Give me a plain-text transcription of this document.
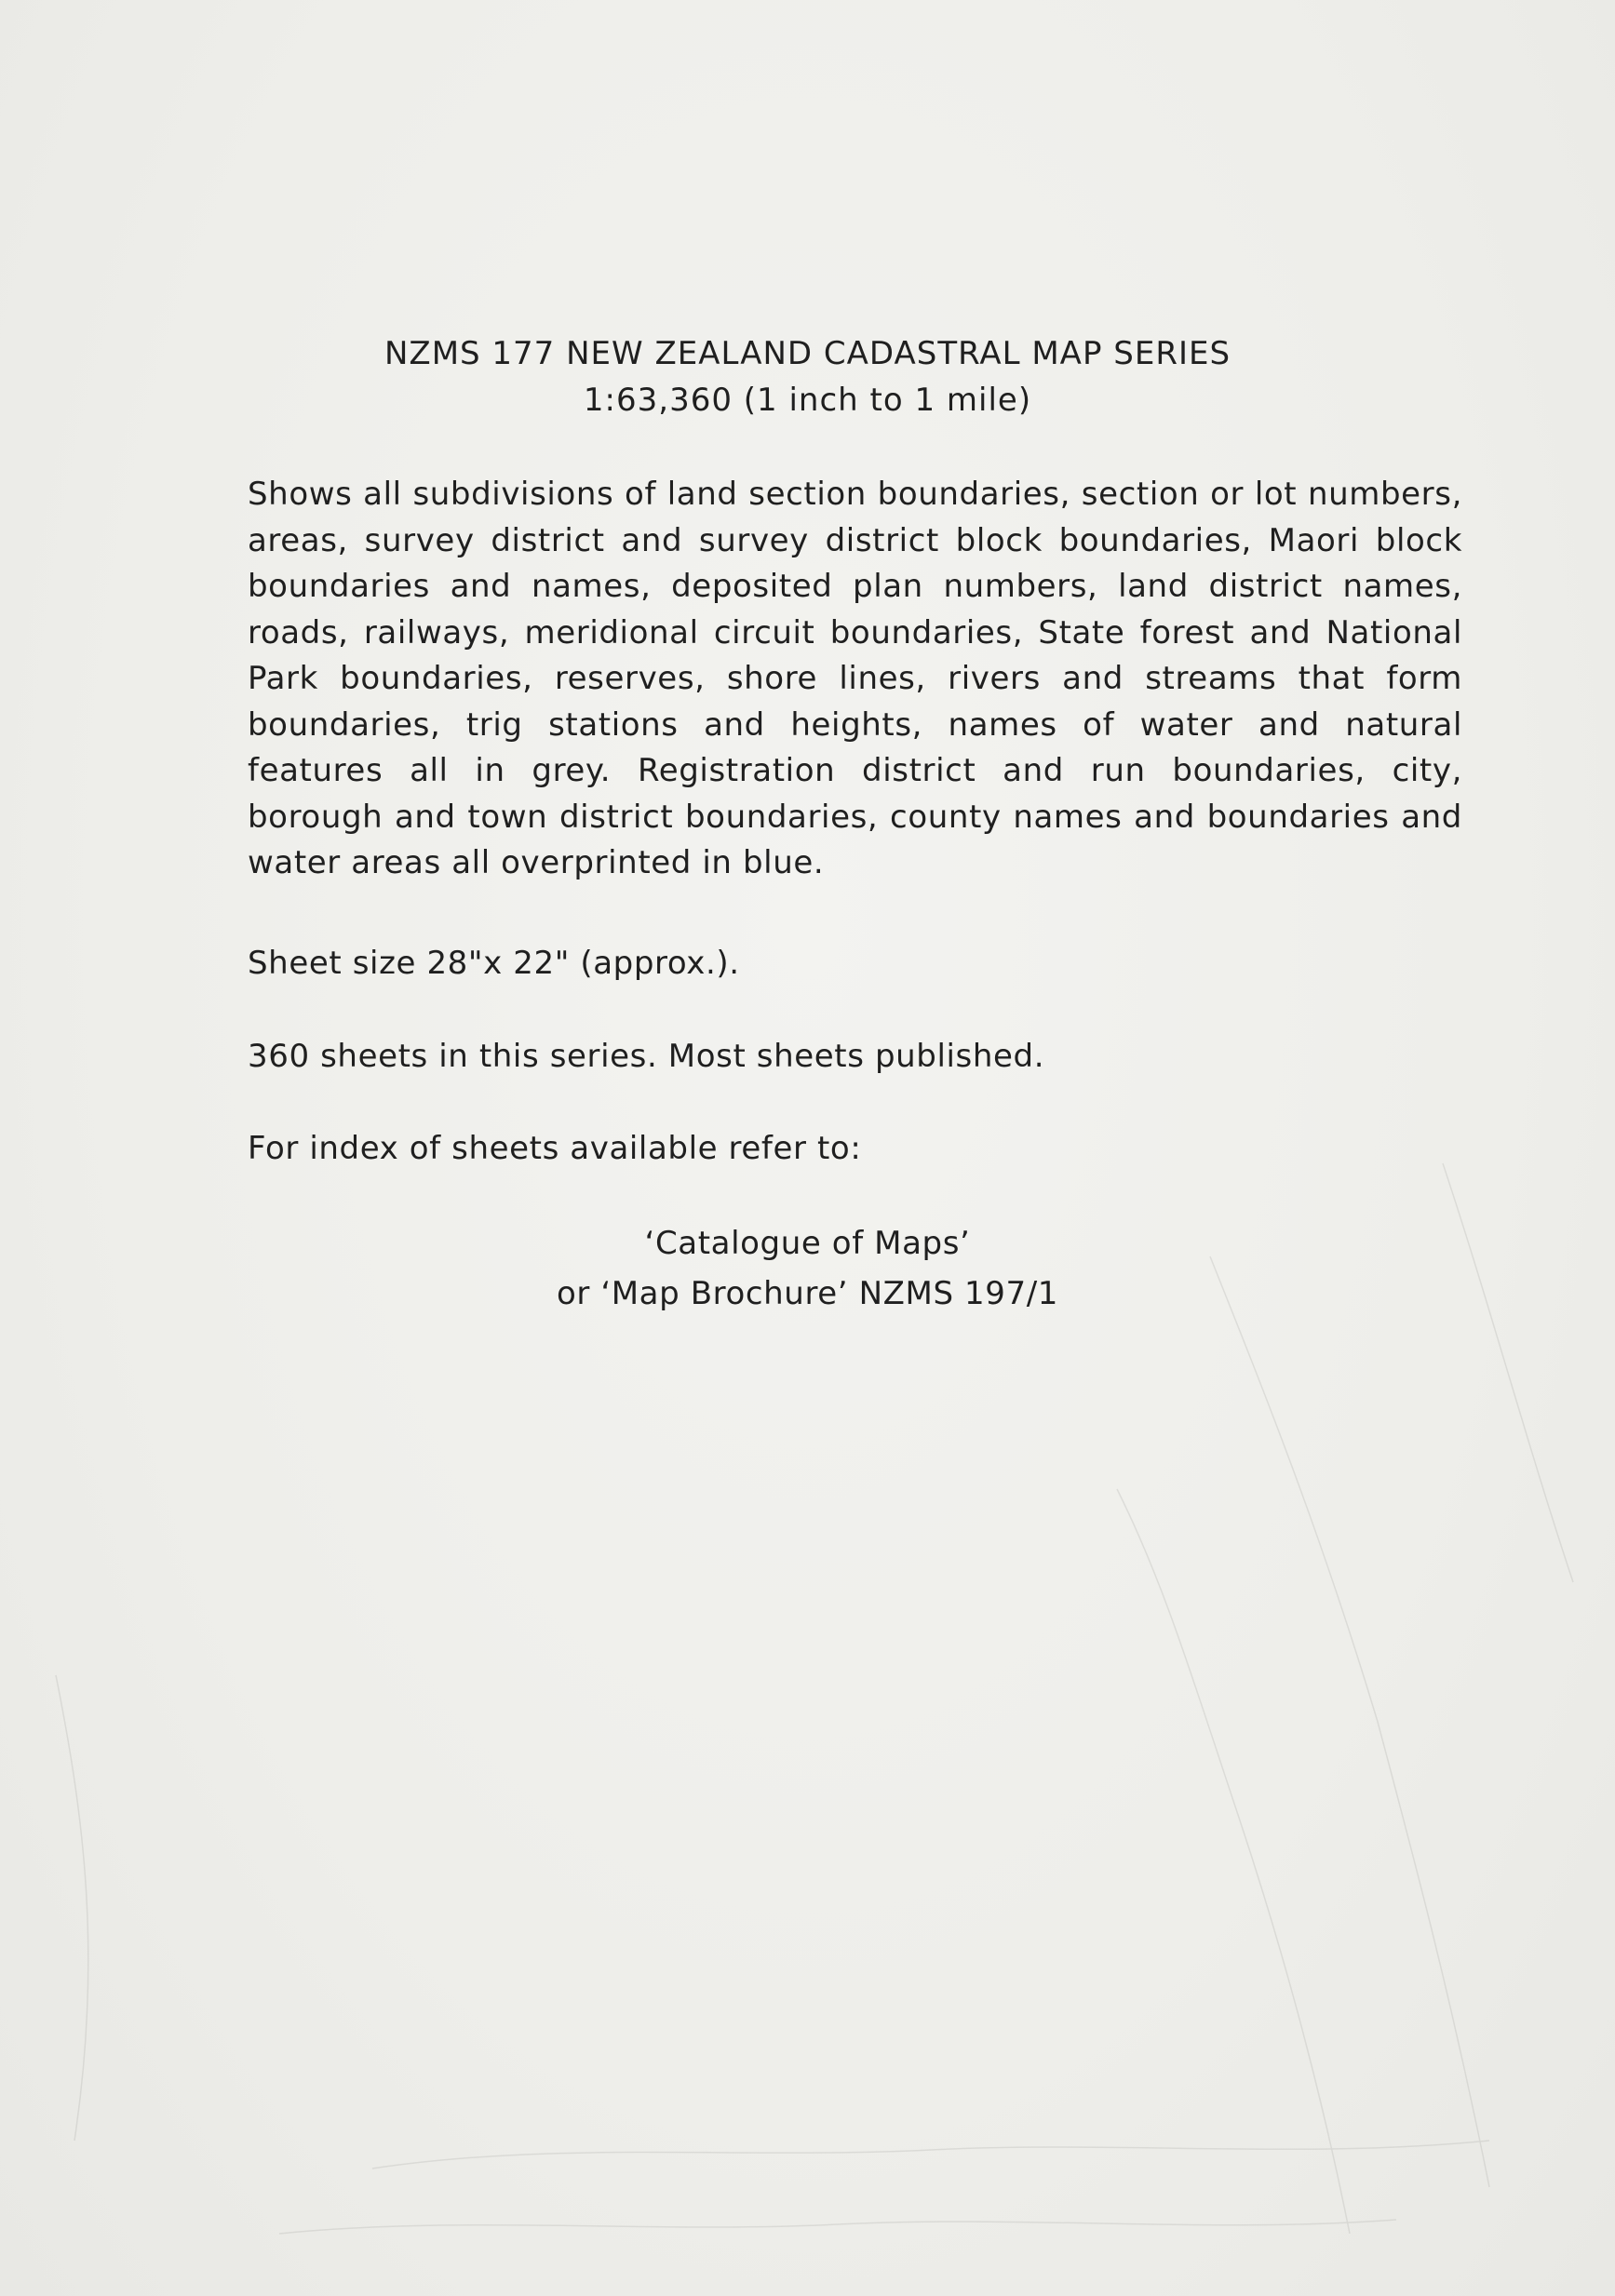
NZMS 177 NEW ZEALAND CADASTRAL MAP SERIES
1:63,360 (1 inch to 1 mile)

Shows all subdivisions of land section boundaries, section or lot numbers, areas, survey district and survey district block boundaries, Maori block boundaries and names, deposited plan numbers, land district names, roads, railways, meridional circuit boundaries, State forest and National Park boundaries, reserves, shore lines, rivers and streams that form boundaries, trig stations and heights, names of water and natural features all in grey. Registration district and run boundaries, city, borough and town district boundaries, county names and boundaries and water areas all overprinted in blue.

Sheet size 28"x 22" (approx.).

360 sheets in this series. Most sheets published.

For index of sheets available refer to:

‘Catalogue of Maps’
or ‘Map Brochure’ NZMS 197/1
